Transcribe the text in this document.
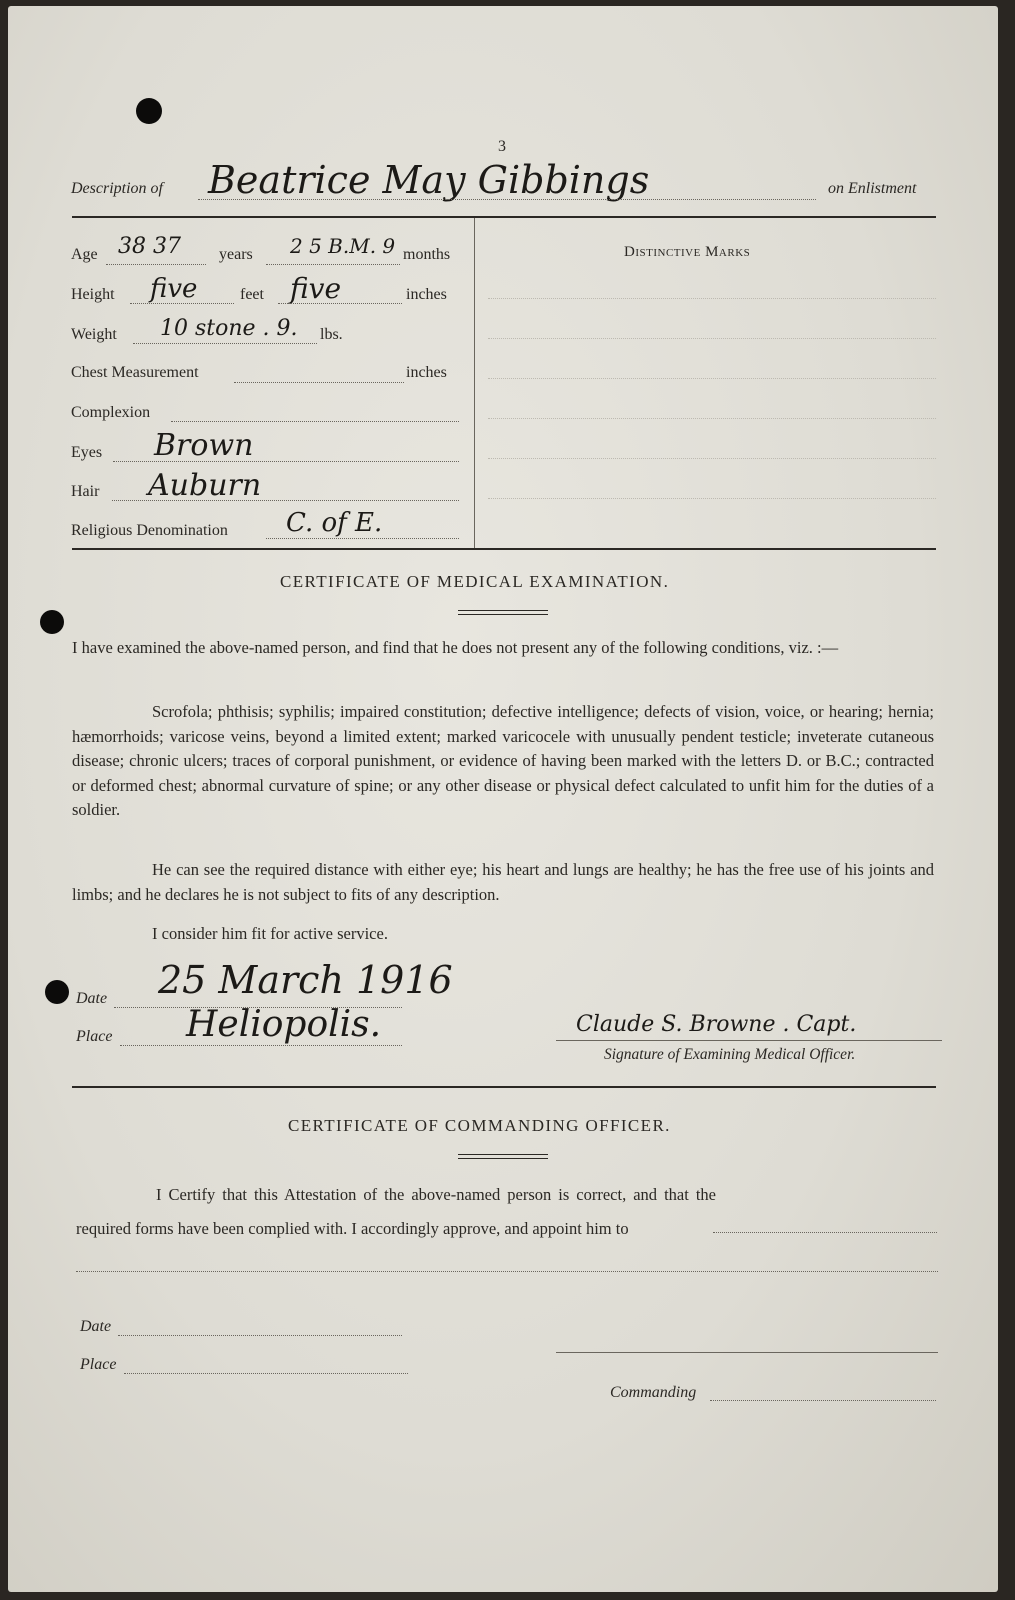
3
Description of Beatrice May Gibbings	on Enlistment
Age 38 37 years 2 5 B.M. 9 months
Height five	feet five	inches
Weight 10 stone . 9. lbs.
Chest Measurement	inches
Complexion
Eyes Brown
Hair Auburn
Religious Denomination C. of E.
Distinctive Marks
CERTIFICATE OF MEDICAL EXAMINATION.
I have examined the above-named person, and find that he does not present any of the following conditions, viz. :—
Scrofola; phthisis; syphilis; impaired constitution; defective intelligence; defects of vision, voice, or hearing; hernia; hæmorrhoids; varicose veins, beyond a limited extent; marked varicocele with unusually pendent testicle; inveterate cutaneous disease; chronic ulcers; traces of corporal punishment, or evidence of having been marked with the letters D. or B.C.; contracted or deformed chest; abnormal curvature of spine; or any other disease or physical defect calculated to unfit him for the duties of a soldier.
He can see the required distance with either eye; his heart and lungs are healthy; he has the free use of his joints and limbs; and he declares he is not subject to fits of any description.
I consider him fit for active service.
Date 25 March 1916
Place Heliopolis.	Claude S. Browne . Capt.
Signature of Examining Medical Officer.
CERTIFICATE OF COMMANDING OFFICER.
I Certify that this Attestation of the above-named person is correct, and that the required forms have been complied with. I accordingly approve, and appoint him to
Date
Place
Commanding
